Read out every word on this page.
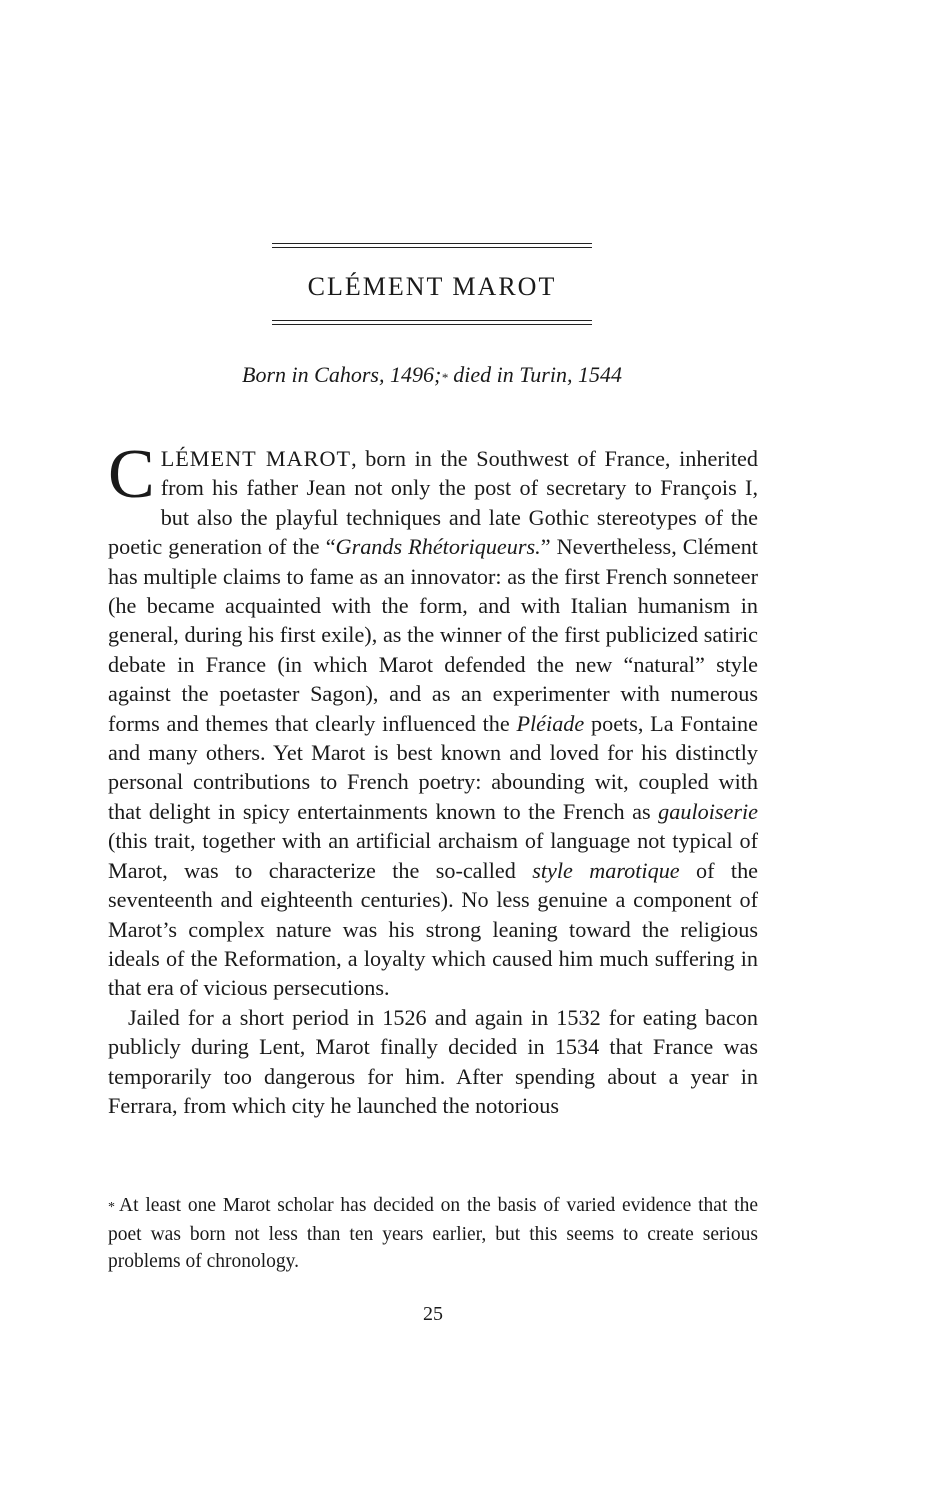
CLÉMENT MAROT
Born in Cahors, 1496;* died in Turin, 1544

CLÉMENT MAROT, born in the Southwest of France, inherited from his father Jean not only the post of secretary to François I, but also the playful techniques and late Gothic stereotypes of the poetic generation of the “Grands Rhétoriqueurs.” Nevertheless, Clément has multiple claims to fame as an innovator: as the first French sonneteer (he became acquainted with the form, and with Italian humanism in general, during his first exile), as the winner of the first publicized satiric debate in France (in which Marot defended the new “natural” style against the poetaster Sagon), and as an experimenter with numerous forms and themes that clearly influenced the Pléiade poets, La Fontaine and many others. Yet Marot is best known and loved for his distinctly personal contributions to French poetry: abounding wit, coupled with that delight in spicy entertainments known to the French as gauloiserie (this trait, together with an artificial archaism of language not typical of Marot, was to characterize the so-called style marotique of the seventeenth and eighteenth centuries). No less genuine a component of Marot’s complex nature was his strong leaning toward the religious ideals of the Reformation, a loyalty which caused him much suffering in that era of vicious persecutions.

Jailed for a short period in 1526 and again in 1532 for eating bacon publicly during Lent, Marot finally decided in 1534 that France was temporarily too dangerous for him. After spending about a year in Ferrara, from which city he launched the notorious

* At least one Marot scholar has decided on the basis of varied evidence that the poet was born not less than ten years earlier, but this seems to create serious problems of chronology.
25
